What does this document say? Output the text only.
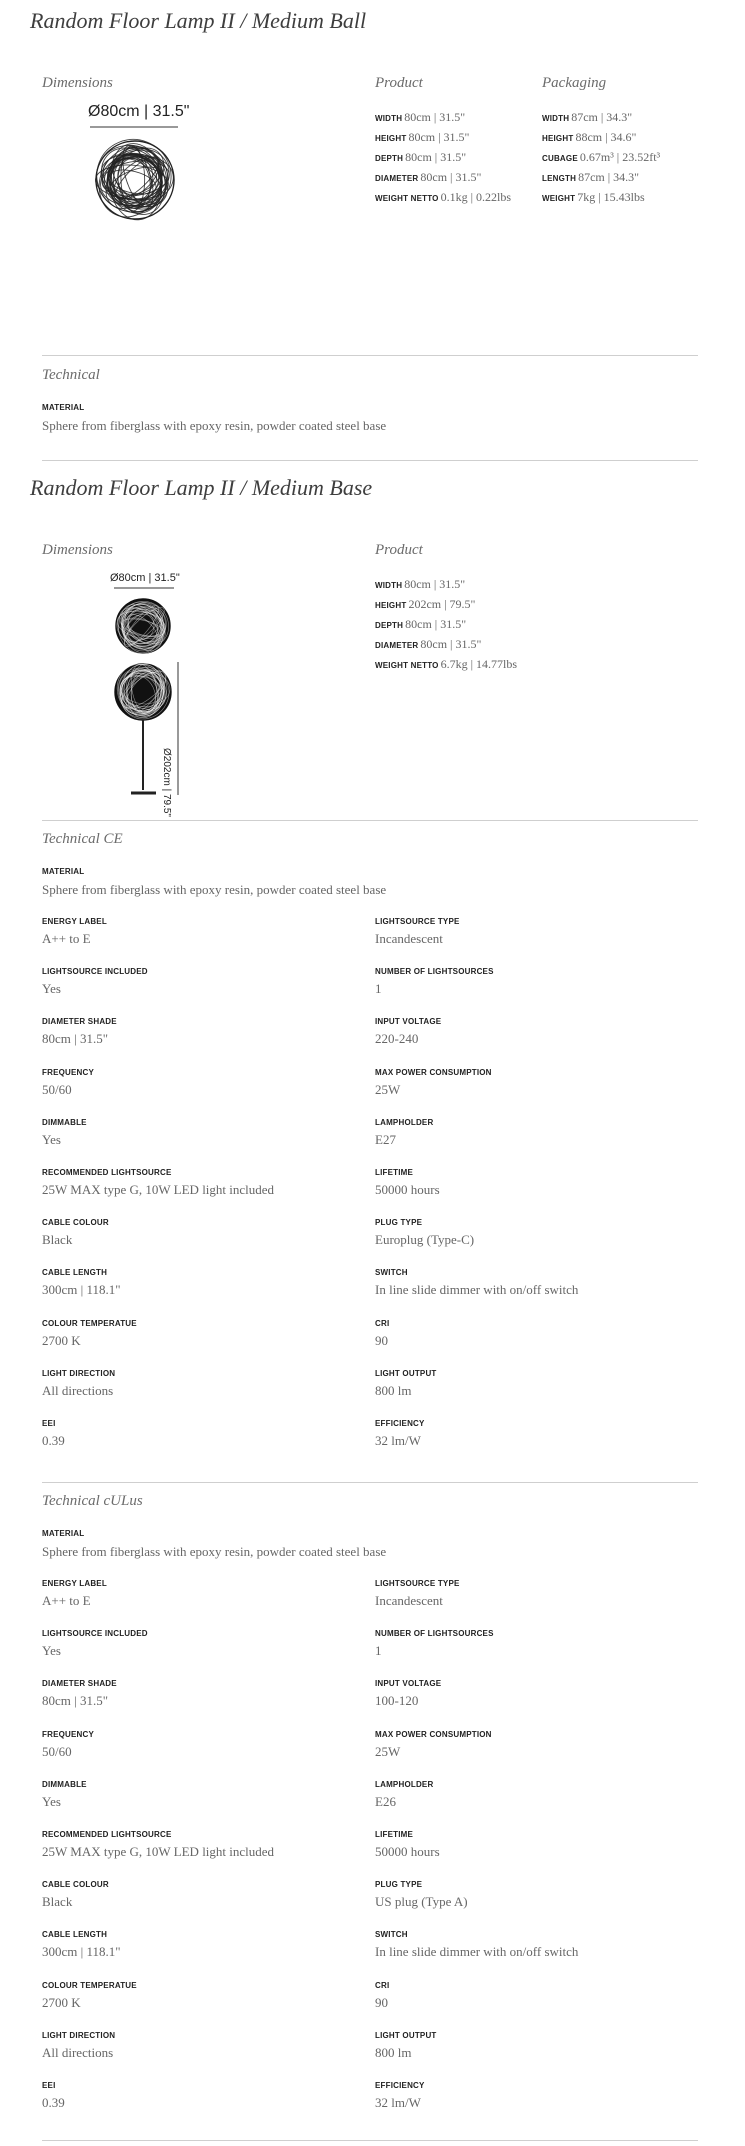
Random Floor Lamp II / Medium Ball
Dimensions
Ø80cm | 31.5"
Product
WIDTH 80cm | 31.5"
HEIGHT 80cm | 31.5"
DEPTH 80cm | 31.5"
DIAMETER 80cm | 31.5"
WEIGHT NETTO 0.1kg | 0.22lbs
Packaging
WIDTH 87cm | 34.3"
HEIGHT 88cm | 34.6"
CUBAGE 0.67m³ | 23.52ft³
LENGTH 87cm | 34.3"
WEIGHT 7kg | 15.43lbs
Technical
MATERIAL
Sphere from fiberglass with epoxy resin, powder coated steel base
Random Floor Lamp II / Medium Base
Dimensions
Ø80cm | 31.5"
Ø202cm | 79.5"
Product
WIDTH 80cm | 31.5"
HEIGHT 202cm | 79.5"
DEPTH 80cm | 31.5"
DIAMETER 80cm | 31.5"
WEIGHT NETTO 6.7kg | 14.77lbs
Technical CE
MATERIAL
Sphere from fiberglass with epoxy resin, powder coated steel base
ENERGY LABEL
A++ to E
LIGHTSOURCE INCLUDED
Yes
DIAMETER SHADE
80cm | 31.5"
FREQUENCY
50/60
DIMMABLE
Yes
RECOMMENDED LIGHTSOURCE
25W MAX type G, 10W LED light included
CABLE COLOUR
Black
CABLE LENGTH
300cm | 118.1"
COLOUR TEMPERATUE
2700 K
LIGHT DIRECTION
All directions
EEI
0.39
LIGHTSOURCE TYPE
Incandescent
NUMBER OF LIGHTSOURCES
1
INPUT VOLTAGE
220-240
MAX POWER CONSUMPTION
25W
LAMPHOLDER
E27
LIFETIME
50000 hours
PLUG TYPE
Europlug (Type-C)
SWITCH
In line slide dimmer with on/off switch
CRI
90
LIGHT OUTPUT
800 lm
EFFICIENCY
32 lm/W
Technical cULus
MATERIAL
Sphere from fiberglass with epoxy resin, powder coated steel base
ENERGY LABEL
A++ to E
LIGHTSOURCE INCLUDED
Yes
DIAMETER SHADE
80cm | 31.5"
FREQUENCY
50/60
DIMMABLE
Yes
RECOMMENDED LIGHTSOURCE
25W MAX type G, 10W LED light included
CABLE COLOUR
Black
CABLE LENGTH
300cm | 118.1"
COLOUR TEMPERATUE
2700 K
LIGHT DIRECTION
All directions
EEI
0.39
LIGHTSOURCE TYPE
Incandescent
NUMBER OF LIGHTSOURCES
1
INPUT VOLTAGE
100-120
MAX POWER CONSUMPTION
25W
LAMPHOLDER
E26
LIFETIME
50000 hours
PLUG TYPE
US plug (Type A)
SWITCH
In line slide dimmer with on/off switch
CRI
90
LIGHT OUTPUT
800 lm
EFFICIENCY
32 lm/W
